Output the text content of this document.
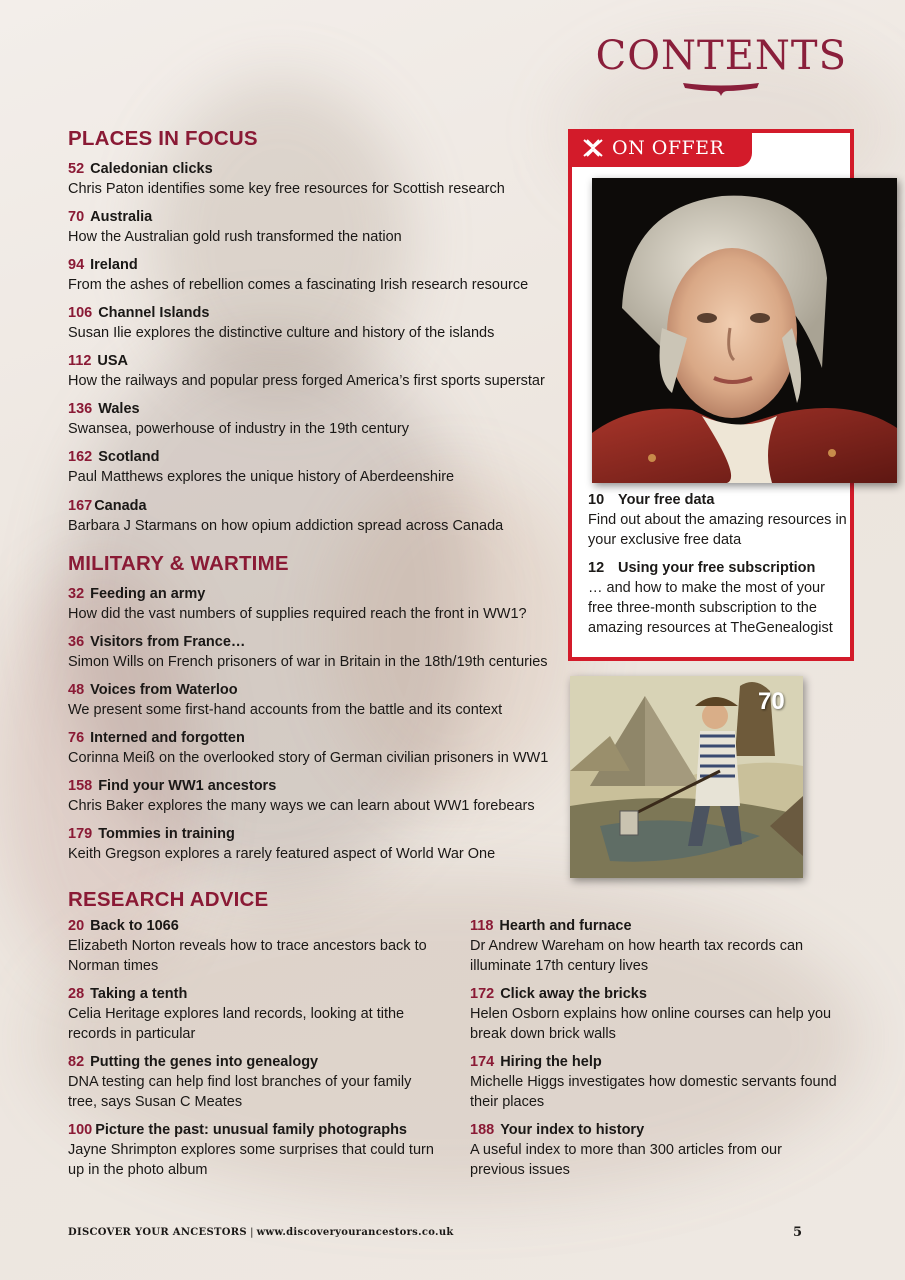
CONTENTS
PLACES IN FOCUS
52 Caledonian clicks
Chris Paton identifies some key free resources for Scottish research
70 Australia
How the Australian gold rush transformed the nation
94 Ireland
From the ashes of rebellion comes a fascinating Irish research resource
106 Channel Islands
Susan Ilie explores the distinctive culture and history of the islands
112 USA
How the railways and popular press forged America’s first sports superstar
136 Wales
Swansea, powerhouse of industry in the 19th century
162 Scotland
Paul Matthews explores the unique history of Aberdeenshire
167 Canada
Barbara J Starmans on how opium addiction spread across Canada
MILITARY & WARTIME
32 Feeding an army
How did the vast numbers of supplies required reach the front in WW1?
36 Visitors from France…
Simon Wills on French prisoners of war in Britain in the 18th/19th centuries
48 Voices from Waterloo
We present some first-hand accounts from the battle and its context
76 Interned and forgotten
Corinna Meiß on the overlooked story of German civilian prisoners in WW1
158 Find your WW1 ancestors
Chris Baker explores the many ways we can learn about WW1 forebears
179 Tommies in training
Keith Gregson explores a rarely featured aspect of World War One
RESEARCH ADVICE
20 Back to 1066
Elizabeth Norton reveals how to trace ancestors back to Norman times
28 Taking a tenth
Celia Heritage explores land records, looking at tithe records in particular
82 Putting the genes into genealogy
DNA testing can help find lost branches of your family tree, says Susan C Meates
100 Picture the past: unusual family photographs
Jayne Shrimpton explores some surprises that could turn up in the photo album
118 Hearth and furnace
Dr Andrew Wareham on how hearth tax records can illuminate 17th century lives
172 Click away the bricks
Helen Osborn explains how online courses can help you break down brick walls
174 Hiring the help
Michelle Higgs investigates how domestic servants found their places
188 Your index to history
A useful index to more than 300 articles from our previous issues
ON OFFER
10 Your free data
Find out about the amazing resources in your exclusive free data
12 Using your free subscription
… and how to make the most of your free three-month subscription to the amazing resources at TheGenealogist
70
DISCOVER YOUR ANCESTORS | www.discoveryourancestors.co.uk	5
